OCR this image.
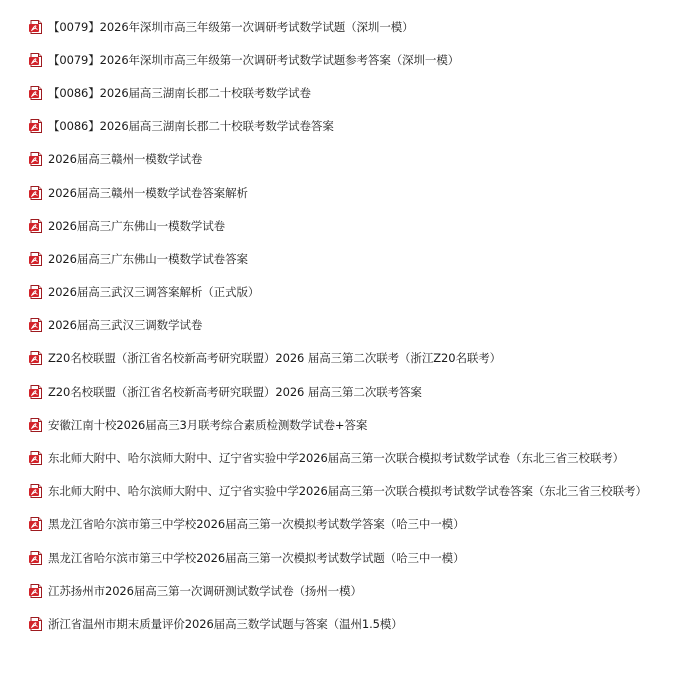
【0079】2026年深圳市高三年级第一次调研考试数学试题（深圳一模）
【0079】2026年深圳市高三年级第一次调研考试数学试题参考答案（深圳一模）
【0086】2026届高三湖南长郡二十校联考数学试卷
【0086】2026届高三湖南长郡二十校联考数学试卷答案
2026届高三赣州一模数学试卷
2026届高三赣州一模数学试卷答案解析
2026届高三广东佛山一模数学试卷
2026届高三广东佛山一模数学试卷答案
2026届高三武汉三调答案解析（正式版）
2026届高三武汉三调数学试卷
Z20名校联盟（浙江省名校新高考研究联盟）2026 届高三第二次联考（浙江Z20名联考）
Z20名校联盟（浙江省名校新高考研究联盟）2026 届高三第二次联考答案
安徽江南十校2026届高三3月联考综合素质检测数学试卷+答案
东北师大附中、哈尔滨师大附中、辽宁省实验中学2026届高三第一次联合模拟考试数学试卷（东北三省三校联考）
东北师大附中、哈尔滨师大附中、辽宁省实验中学2026届高三第一次联合模拟考试数学试卷答案（东北三省三校联考）
黑龙江省哈尔滨市第三中学校2026届高三第一次模拟考试数学答案（哈三中一模）
黑龙江省哈尔滨市第三中学校2026届高三第一次模拟考试数学试题（哈三中一模）
江苏扬州市2026届高三第一次调研测试数学试卷（扬州一模）
浙江省温州市期末质量评价2026届高三数学试题与答案（温州1.5模）
